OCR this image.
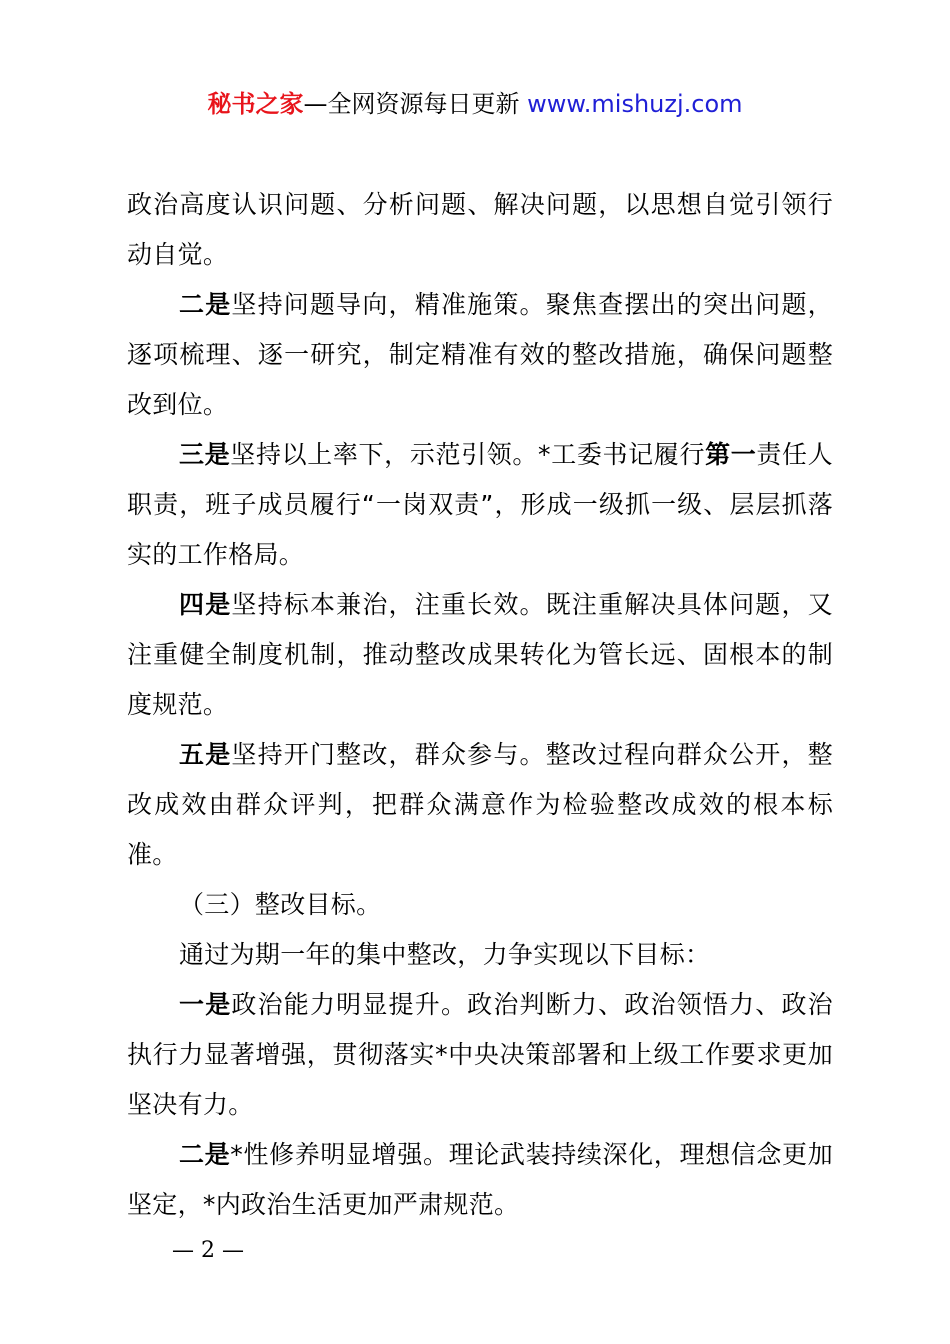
秘书之家—全网资源每日更新 www.mishuzj.com

政治高度认识问题、分析问题、解决问题，以思想自觉引领行动自觉。

二是坚持问题导向，精准施策。聚焦查摆出的突出问题，逐项梳理、逐一研究，制定精准有效的整改措施，确保问题整改到位。

三是坚持以上率下，示范引领。*工委书记履行第一责任人职责，班子成员履行“一岗双责”，形成一级抓一级、层层抓落实的工作格局。

四是坚持标本兼治，注重长效。既注重解决具体问题，又注重健全制度机制，推动整改成果转化为管长远、固根本的制度规范。

五是坚持开门整改，群众参与。整改过程向群众公开，整改成效由群众评判，把群众满意作为检验整改成效的根本标准。

（三）整改目标。

通过为期一年的集中整改，力争实现以下目标：

一是政治能力明显提升。政治判断力、政治领悟力、政治执行力显著增强，贯彻落实*中央决策部署和上级工作要求更加坚决有力。

二是*性修养明显增强。理论武装持续深化，理想信念更加坚定，*内政治生活更加严肃规范。

— 2 —
